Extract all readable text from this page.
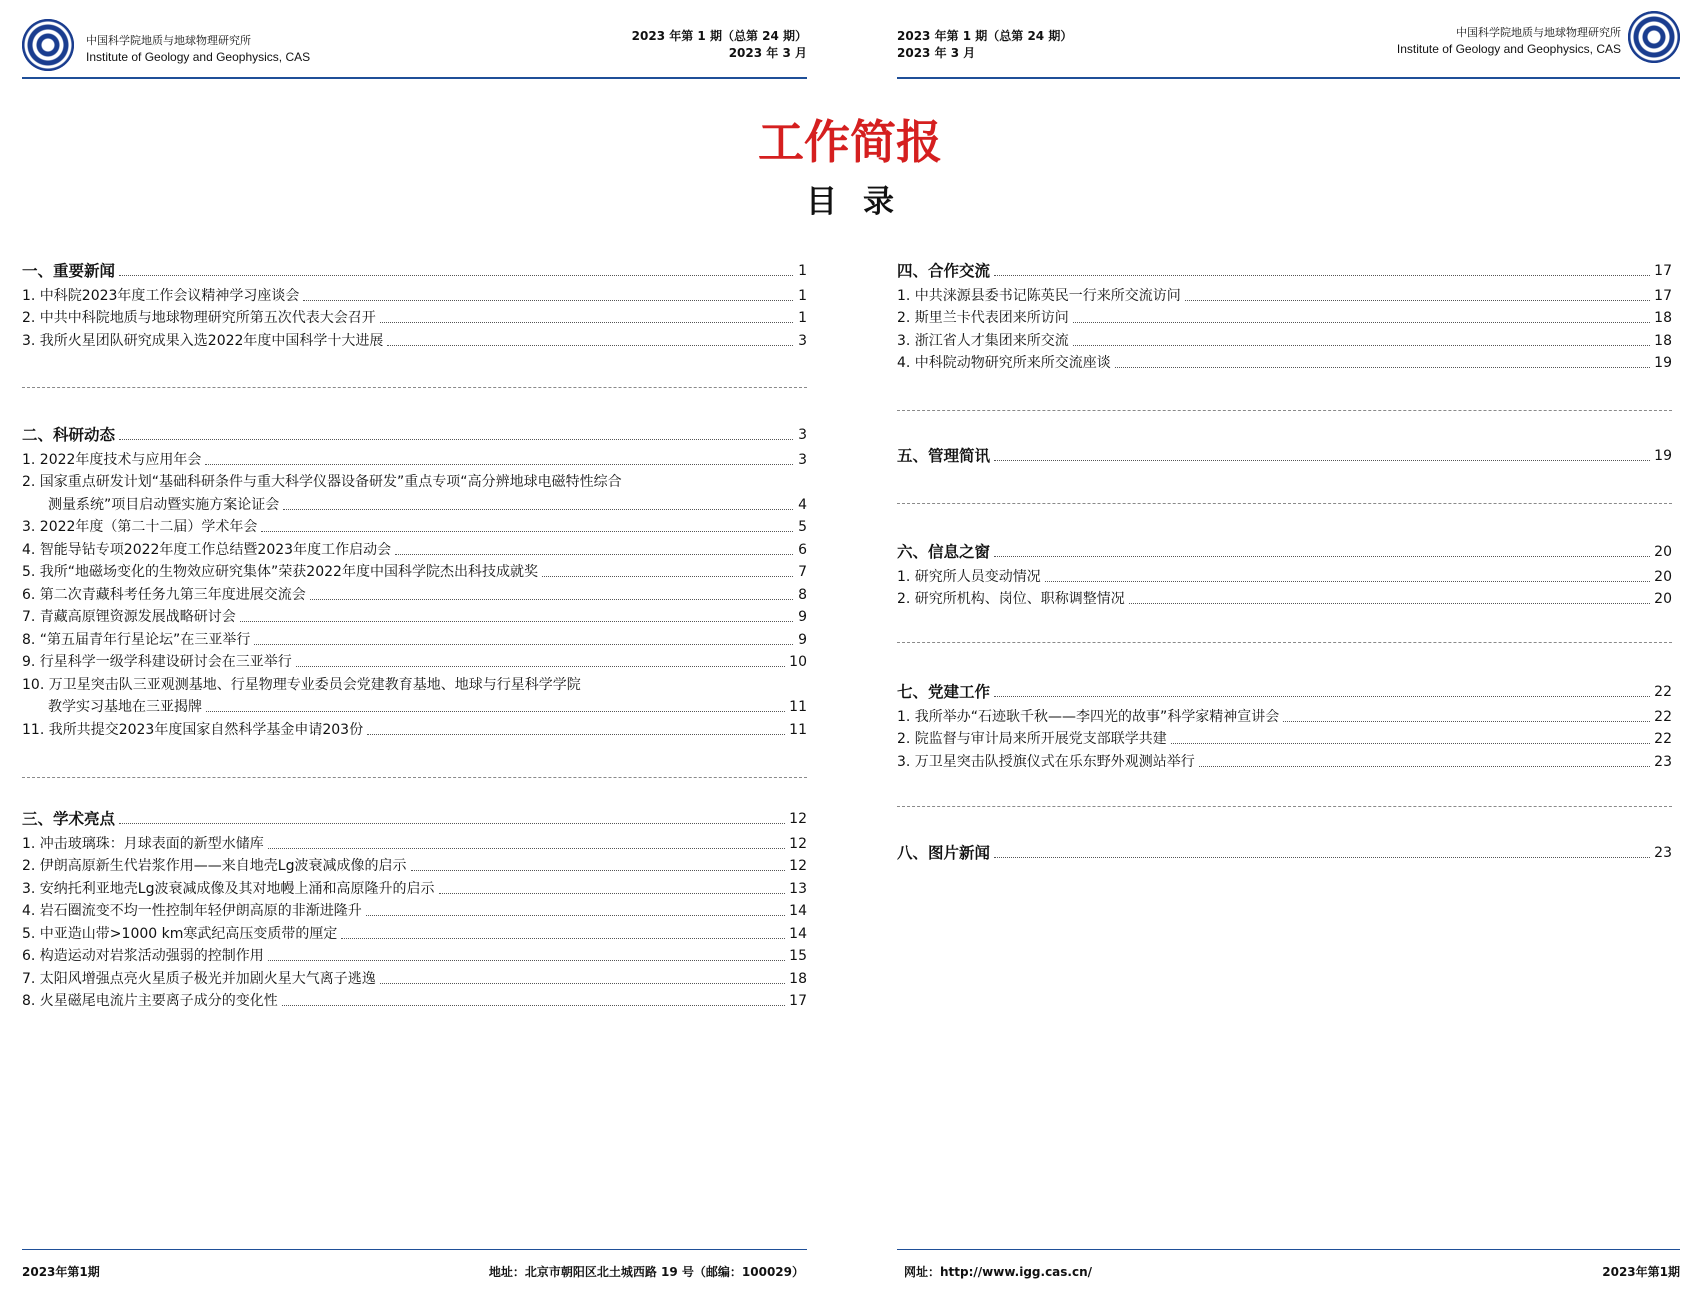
中国科学院地质与地球物理研究所
Institute of Geology and Geophysics, CAS
2023 年第 1 期（总第 24 期）
2023 年 3 月
2023 年第 1 期（总第 24 期）
2023 年 3 月
中国科学院地质与地球物理研究所
Institute of Geology and Geophysics, CAS
工作简报
目录
一、重要新闻	1
1. 中科院2023年度工作会议精神学习座谈会	1
2. 中共中科院地质与地球物理研究所第五次代表大会召开	1
3. 我所火星团队研究成果入选2022年度中国科学十大进展	3
二、科研动态	3
1. 2022年度技术与应用年会	3
2. 国家重点研发计划“基础科研条件与重大科学仪器设备研发”重点专项“高分辨地球电磁特性综合
测量系统”项目启动暨实施方案论证会	4
3. 2022年度（第二十二届）学术年会	5
4. 智能导钻专项2022年度工作总结暨2023年度工作启动会	6
5. 我所“地磁场变化的生物效应研究集体”荣获2022年度中国科学院杰出科技成就奖	7
6. 第二次青藏科考任务九第三年度进展交流会	8
7. 青藏高原锂资源发展战略研讨会	9
8. “第五届青年行星论坛”在三亚举行	9
9. 行星科学一级学科建设研讨会在三亚举行	10
10. 万卫星突击队三亚观测基地、行星物理专业委员会党建教育基地、地球与行星科学学院
教学实习基地在三亚揭牌	11
11. 我所共提交2023年度国家自然科学基金申请203份	11
三、学术亮点	12
1. 冲击玻璃珠：月球表面的新型水储库	12
2. 伊朗高原新生代岩浆作用——来自地壳Lg波衰减成像的启示	12
3. 安纳托利亚地壳Lg波衰减成像及其对地幔上涌和高原隆升的启示	13
4. 岩石圈流变不均一性控制年轻伊朗高原的非渐进隆升	14
5. 中亚造山带>1000 km寒武纪高压变质带的厘定	14
6. 构造运动对岩浆活动强弱的控制作用	15
7. 太阳风增强点亮火星质子极光并加剧火星大气离子逃逸	18
8. 火星磁尾电流片主要离子成分的变化性	17
四、合作交流	17
1. 中共涞源县委书记陈英民一行来所交流访问	17
2. 斯里兰卡代表团来所访问	18
3. 浙江省人才集团来所交流	18
4. 中科院动物研究所来所交流座谈	19
五、管理简讯	19
六、信息之窗	20
1. 研究所人员变动情况	20
2. 研究所机构、岗位、职称调整情况	20
七、党建工作	22
1. 我所举办“石迹耿千秋——李四光的故事”科学家精神宣讲会	22
2. 院监督与审计局来所开展党支部联学共建	22
3. 万卫星突击队授旗仪式在乐东野外观测站举行	23
八、图片新闻	23
2023年第1期	地址：北京市朝阳区北土城西路 19 号（邮编：100029）	网址：http://www.igg.cas.cn/	2023年第1期
